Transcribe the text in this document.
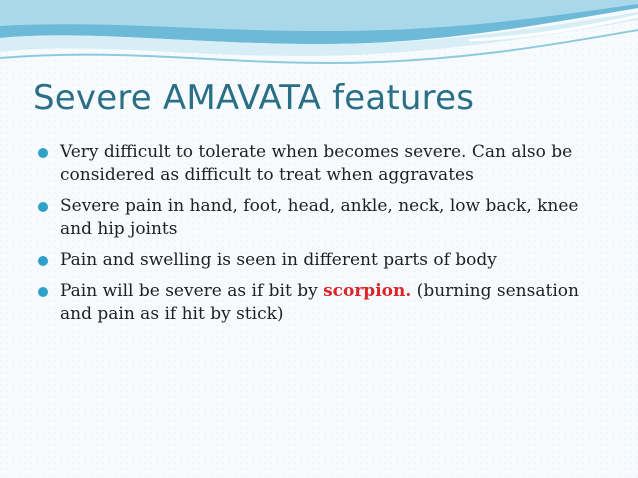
Severe AMAVATA features
Very difficult to tolerate when becomes severe. Can also be considered as difficult to treat when aggravates
Severe pain in hand, foot, head, ankle, neck, low back, knee and hip joints
Pain and swelling is seen in different parts of body
Pain will be severe as if bit by scorpion. (burning sensation and pain as if hit by stick)
